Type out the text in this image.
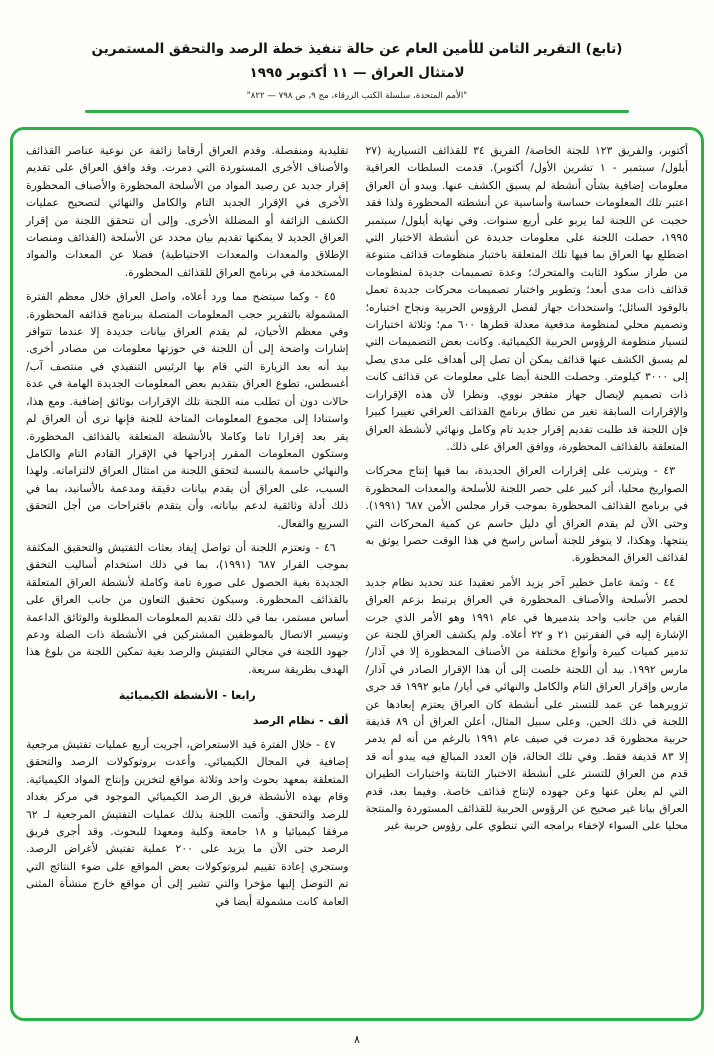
(تابع) التقرير الثامن للأمين العام عن حالة تنفيذ خطة الرصد والتحقق المستمرين
لامتثال العراق — ١١ أكتوبر ١٩٩٥
"الأمم المتحدة، سلسلة الكتب الزرقاء، مج ٩، ص ٧٩٨ — ٨٢٢"

أكتوبر، والفريق ١٢٣ للجنة الخاصة/ الفريق ٣٤ للقذائف التسيارية (٢٧ أيلول/ سبتمبر - ١ تشرين الأول/ أكتوبر). قدمت السلطات العراقية معلومات إضافية بشأن أنشطة لم يسبق الكشف عنها. ويبدو أن العراق اعتبر تلك المعلومات حساسة وأساسية عن أنشطته المحظورة ولذا فقد حجبت عن اللجنة لما يربو على أربع سنوات. وفي نهاية أيلول/ سبتمبر ١٩٩٥، حصلت اللجنة على معلومات جديدة عن أنشطة الاختبار التي اضطلع بها العراق بما فيها تلك المتعلقة باختبار منظومات قذائف متنوعة من طراز سكود الثابت والمتحرك؛ وعدة تصميمات جديدة لمنظومات قذائف ذات مدى أبعد؛ وتطوير واختبار تصميمات محركات جديدة تعمل بالوقود السائل؛ واستحداث جهاز لفصل الرؤوس الحربية ونجاح اختباره؛ وتصميم محلي لمنظومة مدفعية معدلة قطرها ٦٠٠ مم؛ وثلاثة اختبارات لتسيار منظومة الرؤوس الحربية الكيميائية. وكانت بعض التصميمات التي لم يسبق الكشف عنها قذائف يمكن أن تصل إلى أهداف على مدى يصل إلى ٣٠٠٠ كيلومتر. وحصلت اللجنة أيضا على معلومات عن قذائف كانت ذات تصميم لإيصال جهاز متفجر نووي. ونظرا لأن هذه الإقرارات والإقرارات السابقة تغير من نطاق برنامج القذائف العراقي تغييرا كبيرا فإن اللجنة قد طلبت تقديم إقرار جديد تام وكامل ونهائي لأنشطة العراق المتعلقة بالقذائف المحظورة، ووافق العراق على ذلك.

٤٣ - ويترتب على إقرارات العراق الجديدة، بما فيها إنتاج محركات الصواريخ محليا، أثر كبير على حصر اللجنة للأسلحة والمعدات المحظورة في برنامج القذائف المحظورة بموجب قرار مجلس الأمن ٦٨٧ (١٩٩١). وحتى الآن لم يقدم العراق أي دليل حاسم عن كمية المحركات التي ينتجها. وهكذا، لا يتوفر للجنة أساس راسخ في هذا الوقت حصرا يوثق به لقذائف العراق المحظورة.

٤٤ - وثمة عامل خطير آخر يزيد الأمر تعقيدا عند تحديد نظام جديد لحصر الأسلحة والأصناف المحظورة في العراق يرتبط بزعم العراق القيام من جانب واحد بتدميرها في عام ١٩٩١ وهو الأمر الذي جرت الإشارة إليه في الفقرتين ٢١ و ٢٢ أعلاه. ولم يكشف العراق للجنة عن تدمير كميات كبيرة وأنواع مختلفة من الأصناف المحظورة إلا في آذار/ مارس ١٩٩٢. بيد أن اللجنة خلصت إلى أن هذا الإقرار الصادر في آذار/ مارس وإقرار العراق التام والكامل والنهائي في أيار/ مايو ١٩٩٢ قد جرى تزويرهما عن عمد للتستر على أنشطة كان العراق يعتزم إبعادها عن اللجنة في ذلك الحين. وعلى سبيل المثال، أعلن العراق أن ٨٩ قذيفة حربية محظورة قد دمرت في صيف عام ١٩٩١ بالرغم من أنه لم يدمر إلا ٨٣ قذيفة فقط. وفي تلك الحالة، فإن العدد المبالغ فيه يبدو أنه قد قدم من العراق للتستر على أنشطة الاختبار الثابتة واختبارات الطيران التي لم يعلن عنها وعن جهوده لإنتاج قذائف خاصة. وفيما بعد، قدم العراق بيانا غير صحيح عن الرؤوس الحربية للقذائف المستوردة والمنتجة محليا على السواء لإخفاء برامجه التي تنطوي على رؤوس حربية غير

تقليدية ومنفصلة. وقدم العراق أرقاما زائفة عن نوعية عناصر القذائف والأصناف الأخرى المستوردة التي دمرت. وقد وافق العراق على تقديم إقرار جديد عن رصيد المواد من الأسلحة المحظورة والأصناف المحظورة الأخرى في الإقرار الجديد التام والكامل والنهائي لتصحيح عمليات الكشف الزائفة أو المضللة الأخرى. وإلى أن تتحقق اللجنة من إقرار العراق الجديد لا يمكنها تقديم بيان محدد عن الأسلحة (القذائف ومنصات الإطلاق والمعدات والمعدات الاحتياطية) فضلا عن المعدات والمواد المستخدمة في برنامج العراق للقذائف المحظورة.

٤٥ - وكما سيتضح مما ورد أعلاه، واصل العراق خلال معظم الفترة المشمولة بالتقرير حجب المعلومات المتصلة ببرنامج قذائفه المحظورة. وفي معظم الأحيان، لم يقدم العراق بيانات جديدة إلا عندما تتوافر إشارات واضحة إلى أن اللجنة في حوزتها معلومات من مصادر أخرى. بيد أنه بعد الزيارة التي قام بها الرئيس التنفيذي في منتصف آب/أغسطس، تطوع العراق بتقديم بعض المعلومات الجديدة الهامة في عدة حالات دون أن تطلب منه اللجنة تلك الإقرارات بوثائق إضافية. ومع هذا، واستنادا إلى مجموع المعلومات المتاحة للجنة فإنها ترى أن العراق لم يقر بعد إقرارا تاما وكاملا بالأنشطة المتعلقة بالقذائف المحظورة. وستكون المعلومات المقرر إدراجها في الإقرار القادم التام والكامل والنهائي حاسمة بالنسبة لتحقق اللجنة من امتثال العراق لالتزاماته. ولهذا السبب، على العراق أن يقدم بيانات دقيقة ومدعمة بالأسانيد، بما في ذلك أدلة وثائقية لدعم بياناته، وأن يتقدم باقتراحات من أجل التحقق السريع والفعال.

٤٦ - وتعتزم اللجنة أن تواصل إيفاد بعثات التفتيش والتحقيق المكثفة بموجب القرار ٦٨٧ (١٩٩١)، بما في ذلك استخدام أساليب التحقق الجديدة بغية الحصول على صورة تامة وكاملة لأنشطة العراق المتعلقة بالقذائف المحظورة. وسيكون تحقيق التعاون من جانب العراق على أساس مستمر، بما في ذلك تقديم المعلومات المطلوبة والوثائق الداعمة وتيسير الاتصال بالموظفين المشتركين في الأنشطة ذات الصلة ودعم جهود اللجنة في مجالي التفتيش والرصد بغية تمكين اللجنة من بلوغ هذا الهدف بطريقة سريعة.

رابعا - الأنشطة الكيميائية
ألف - نظام الرصد

٤٧ - خلال الفترة قيد الاستعراض، أجريت أربع عمليات تفتيش مرجعية إضافية في المجال الكيميائي. وأعدت بروتوكولات الرصد والتحقق المتعلقة بمعهد بحوث واحد وثلاثة مواقع لتخزين وإنتاج المواد الكيميائية. وقام بهذه الأنشطة فريق الرصد الكيميائي الموجود في مركز بغداد للرصد والتحقق. وأتمت اللجنة بذلك عمليات التفتيش المرجعية لـ ٦٢ مرفقا كيميائيا و ١٨ جامعة وكلية ومعهدا للبحوث. وقد أجرى فريق الرصد حتى الآن ما يزيد على ٢٠٠ عملية تفتيش لأغراض الرصد. وستجري إعادة تقييم لبروتوكولات بعض المواقع على ضوء النتائج التي تم التوصل إليها مؤخرا والتي تشير إلى أن مواقع خارج منشأة المثنى العامة كانت مشمولة أيضا في

٨
